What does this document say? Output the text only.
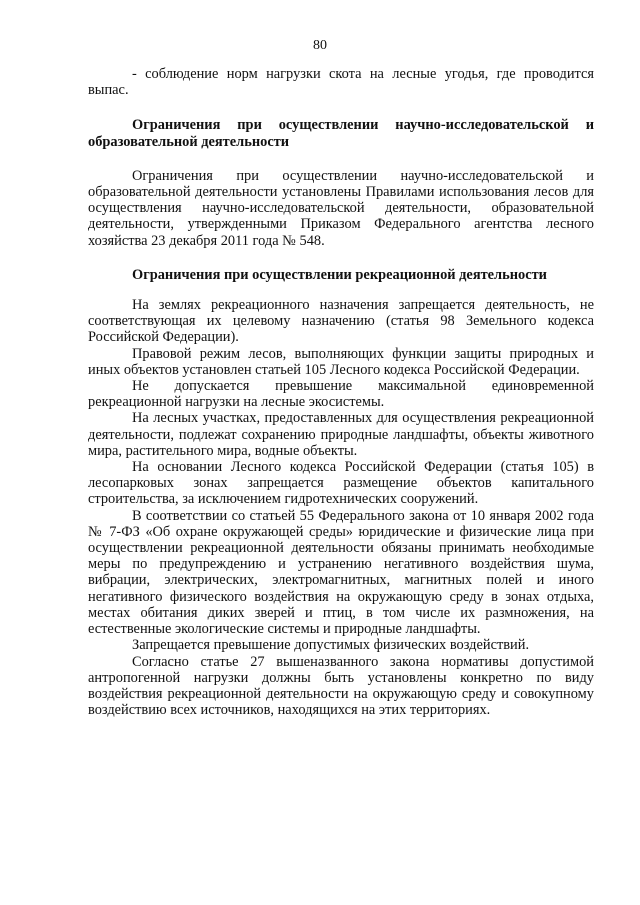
80

- соблюдение норм нагрузки скота на лесные угодья, где проводится выпас.

Ограничения при осуществлении научно-исследовательской и образовательной деятельности

Ограничения при осуществлении научно-исследовательской и образовательной деятельности установлены Правилами использования лесов для осуществления научно-исследовательской деятельности, образовательной деятельности, утвержденными Приказом Федерального агентства лесного хозяйства 23 декабря 2011 года № 548.

Ограничения при осуществлении рекреационной деятельности

На землях рекреационного назначения запрещается деятельность, не соответствующая их целевому назначению (статья 98 Земельного кодекса Российской Федерации).

Правовой режим лесов, выполняющих функции защиты природных и иных объектов установлен статьей 105 Лесного кодекса Российской Федерации.

Не допускается превышение максимальной единовременной рекреационной нагрузки на лесные экосистемы.

На лесных участках, предоставленных для осуществления рекреационной деятельности, подлежат сохранению природные ландшафты, объекты животного мира, растительного мира, водные объекты.

На основании Лесного кодекса Российской Федерации (статья 105) в лесопарковых зонах запрещается размещение объектов капитального строительства, за исключением гидротехнических сооружений.

В соответствии со статьей 55 Федерального закона от 10 января 2002 года № 7-ФЗ «Об охране окружающей среды» юридические и физические лица при осуществлении рекреационной деятельности обязаны принимать необходимые меры по предупреждению и устранению негативного воздействия шума, вибрации, электрических, электромагнитных, магнитных полей и иного негативного физического воздействия на окружающую среду в зонах отдыха, местах обитания диких зверей и птиц, в том числе их размножения, на естественные экологические системы и природные ландшафты.

Запрещается превышение допустимых физических воздействий.

Согласно статье 27 вышеназванного закона нормативы допустимой антропогенной нагрузки должны быть установлены конкретно по виду воздействия рекреационной деятельности на окружающую среду и совокупному воздействию всех источников, находящихся на этих территориях.
